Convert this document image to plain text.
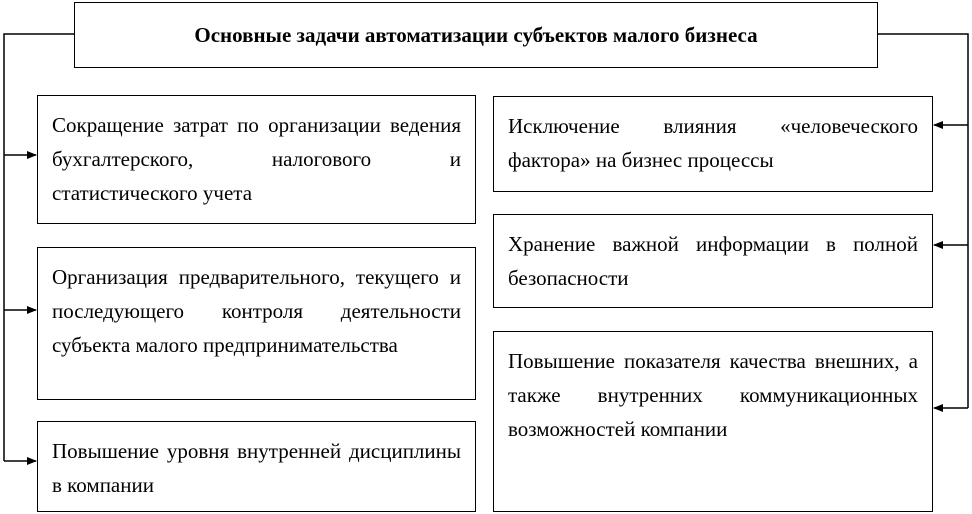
Основные задачи автоматизации субъектов малого бизнеса
Сокращение затрат по организации ведения бухгалтерского, налогового и статистического учета
Организация предварительного, текущего и последующего контроля деятельности субъекта малого предпринимательства
Повышение уровня внутренней дисциплины в компании
Исключение влияния «человеческого фактора» на бизнес процессы
Хранение важной информации в полной безопасности
Повышение показателя качества внешних, а также внутренних коммуникационных возможностей компании
